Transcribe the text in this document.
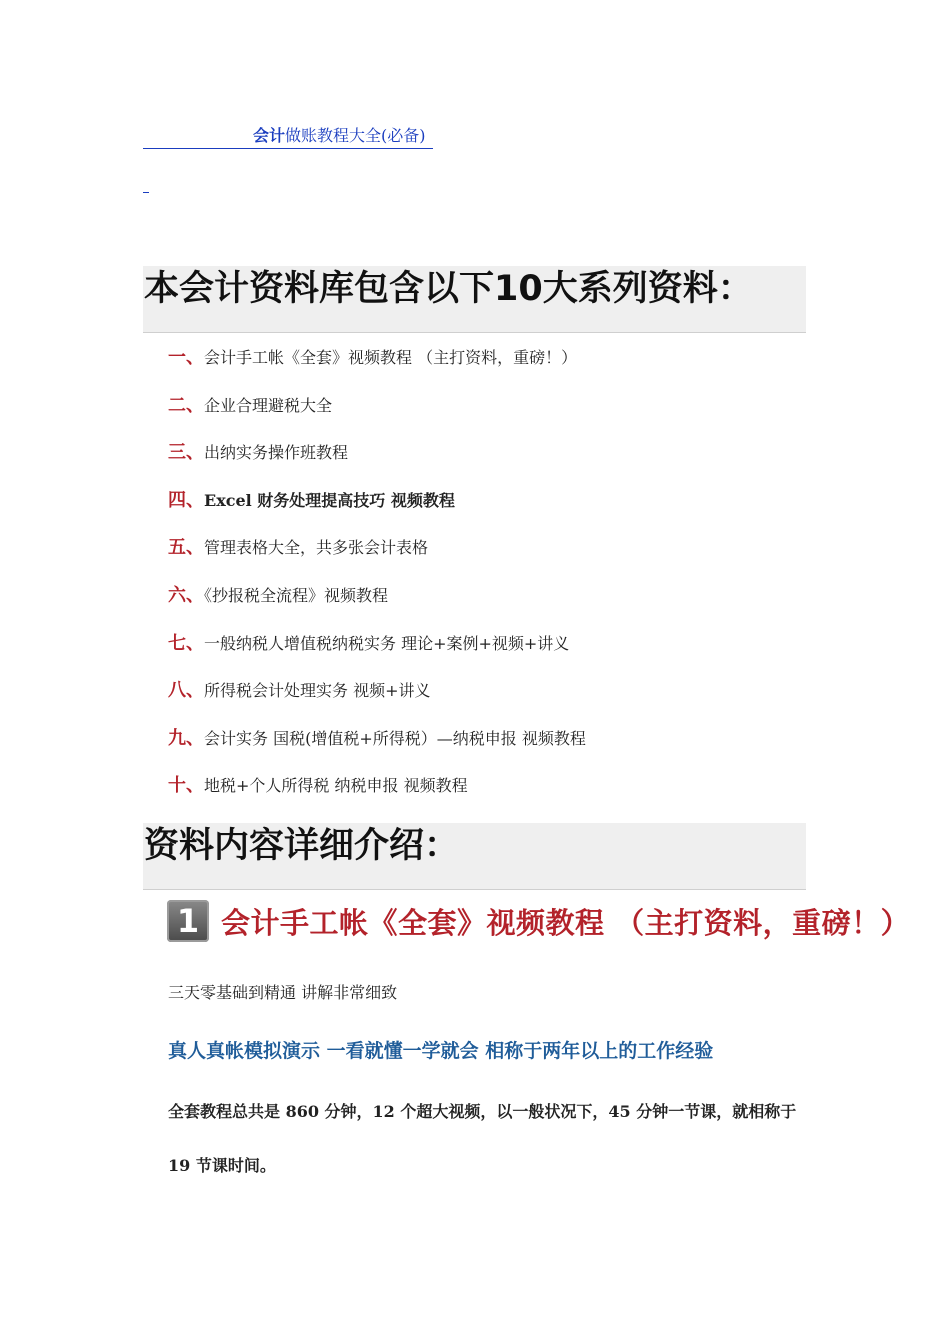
会计做账教程大全(必备)
本会计资料库包含以下10大系列资料：
一、会计手工帐《全套》视频教程 （主打资料，重磅！）
二、企业合理避税大全
三、出纳实务操作班教程
四、Excel 财务处理提高技巧 视频教程
五、管理表格大全，共多张会计表格
六、《抄报税全流程》视频教程
七、一般纳税人增值税纳税实务 理论+案例+视频+讲义
八、所得税会计处理实务 视频+讲义
九、会计实务 国税(增值税+所得税）—纳税申报 视频教程
十、地税+个人所得税 纳税申报 视频教程
资料内容详细介绍：
1 会计手工帐《全套》视频教程 （主打资料，重磅！）
三天零基础到精通 讲解非常细致
真人真帐模拟演示 一看就懂一学就会 相称于两年以上的工作经验
全套教程总共是 860 分钟，12 个超大视频，以一般状况下，45 分钟一节课，就相称于
19 节课时间。
